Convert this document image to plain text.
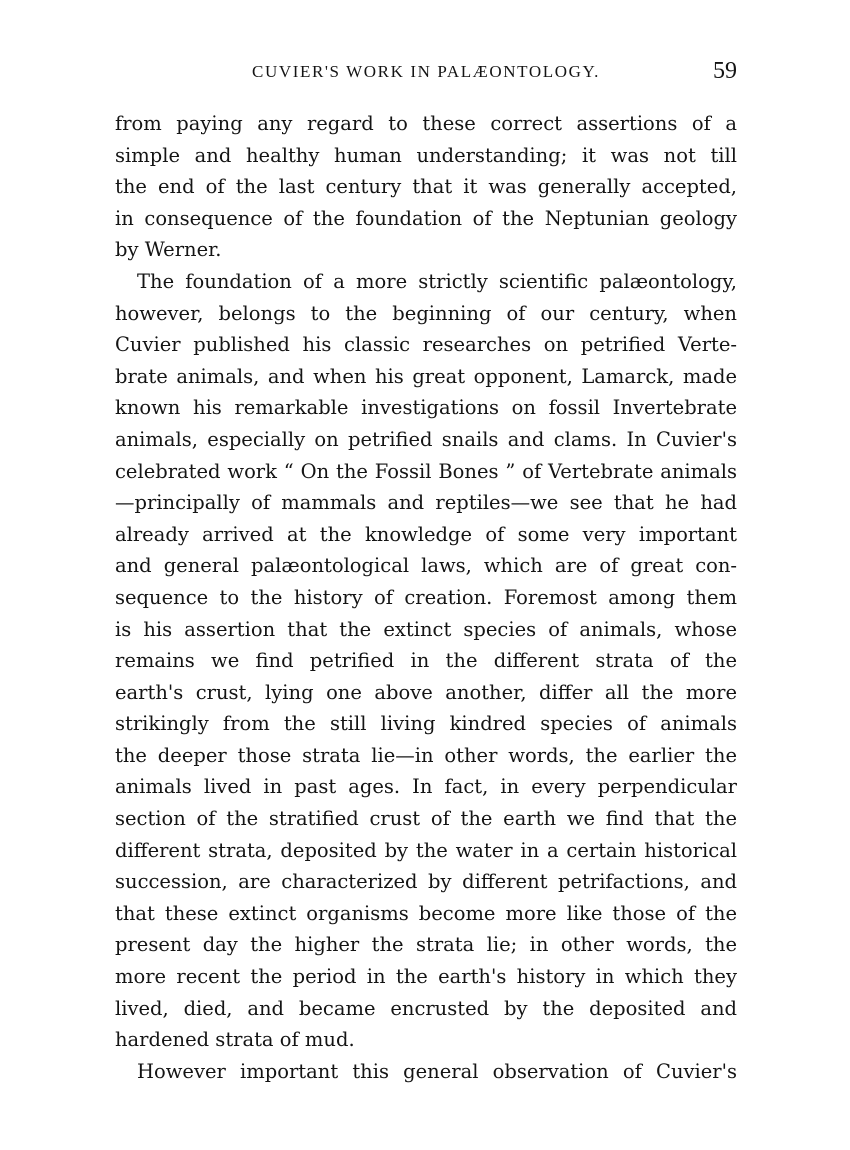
CUVIER'S WORK IN PALÆONTOLOGY.	59
from paying any regard to these correct assertions of a
simple and healthy human understanding; it was not till
the end of the last century that it was generally accepted,
in consequence of the foundation of the Neptunian geology
by Werner.
The foundation of a more strictly scientific palæontology,
however, belongs to the beginning of our century, when
Cuvier published his classic researches on petrified Verte-
brate animals, and when his great opponent, Lamarck, made
known his remarkable investigations on fossil Invertebrate
animals, especially on petrified snails and clams. In Cuvier's
celebrated work “ On the Fossil Bones ” of Vertebrate animals
—principally of mammals and reptiles—we see that he had
already arrived at the knowledge of some very important
and general palæontological laws, which are of great con-
sequence to the history of creation. Foremost among them
is his assertion that the extinct species of animals, whose
remains we find petrified in the different strata of the
earth's crust, lying one above another, differ all the more
strikingly from the still living kindred species of animals
the deeper those strata lie—in other words, the earlier the
animals lived in past ages. In fact, in every perpendicular
section of the stratified crust of the earth we find that the
different strata, deposited by the water in a certain historical
succession, are characterized by different petrifactions, and
that these extinct organisms become more like those of the
present day the higher the strata lie; in other words, the
more recent the period in the earth's history in which they
lived, died, and became encrusted by the deposited and
hardened strata of mud.
However important this general observation of Cuvier's
